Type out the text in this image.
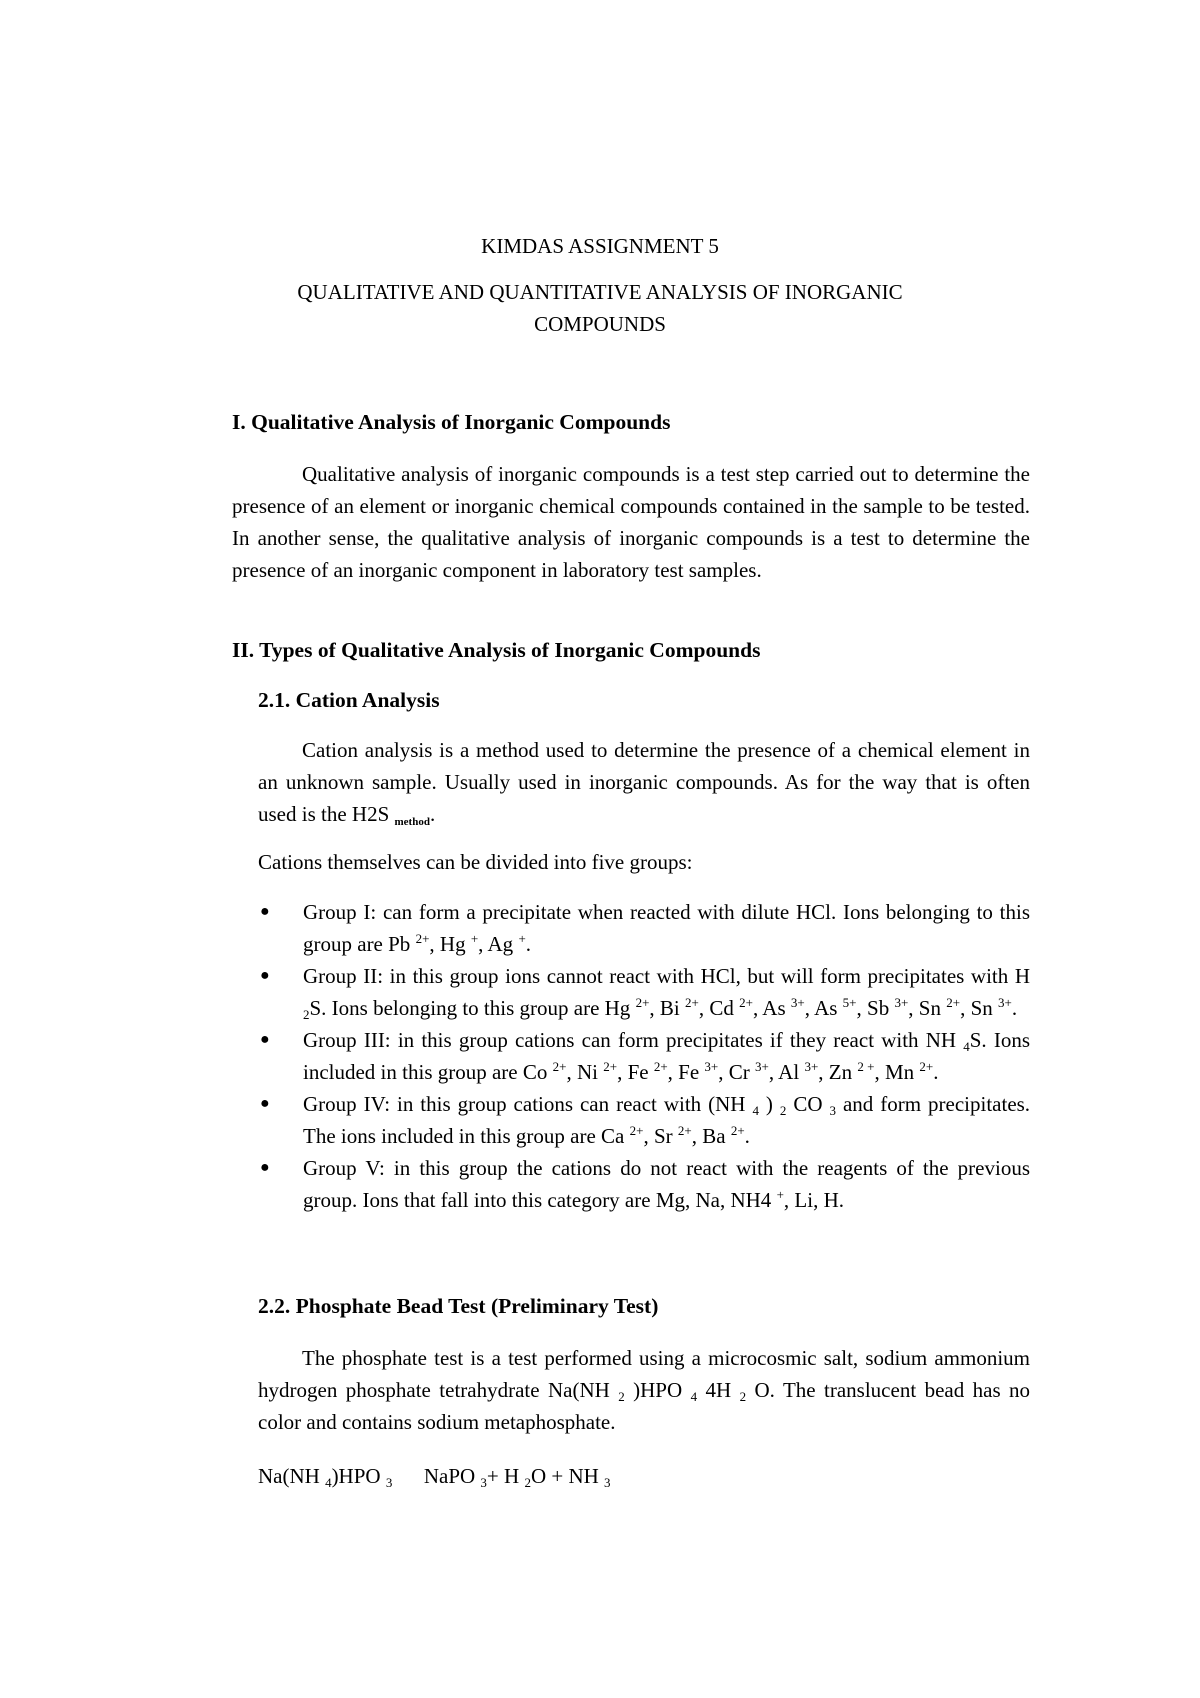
KIMDAS ASSIGNMENT 5
QUALITATIVE AND QUANTITATIVE ANALYSIS OF INORGANIC
COMPOUNDS
I. Qualitative Analysis of Inorganic Compounds
Qualitative analysis of inorganic compounds is a test step carried out to determine the presence of an element or inorganic chemical compounds contained in the sample to be tested. In another sense, the qualitative analysis of inorganic compounds is a test to determine the presence of an inorganic component in laboratory test samples.
II. Types of Qualitative Analysis of Inorganic Compounds
2.1. Cation Analysis
Cation analysis is a method used to determine the presence of a chemical element in an unknown sample. Usually used in inorganic compounds. As for the way that is often used is the H2S method.
Cations themselves can be divided into five groups:
● Group I: can form a precipitate when reacted with dilute HCl. Ions belonging to this group are Pb $^{2+}$, Hg +, Ag +.
● Group II: in this group ions cannot react with HCl, but will form precipitates with H $_2$S. Ions belonging to this group are Hg $^{2+}$, Bi $^{2+}$, Cd $^{2+}$, As $^{3+}$, As $^{5+}$, Sb $^{3+}$, Sn $^{2+}$, Sn $^{3+}$.
● Group III: in this group cations can form precipitates if they react with NH $_4$S. Ions included in this group are Co $^{2+}$, Ni $^{2+}$, Fe $^{2+}$, Fe $^{3+}$, Cr $^{3+}$, Al $^{3+}$, Zn $^{2 +}$, Mn $^{2+}$.
● Group IV: in this group cations can react with (NH $_4$ ) $_2$ CO $_3$ and form precipitates. The ions included in this group are Ca $^{2+}$, Sr $^{2+}$, Ba $^{2+}$.
● Group V: in this group the cations do not react with the reagents of the previous group. Ions that fall into this category are Mg, Na, NH4 +, Li, H.
2.2. Phosphate Bead Test (Preliminary Test)
The phosphate test is a test performed using a microcosmic salt, sodium ammonium hydrogen phosphate tetrahydrate Na(NH $_2$ )HPO $_4$ 4H $_2$ O. The translucent bead has no color and contains sodium metaphosphate.
Na(NH $_4$)HPO $_3$ NaPO $_3$+ H $_2$O + NH $_3$
